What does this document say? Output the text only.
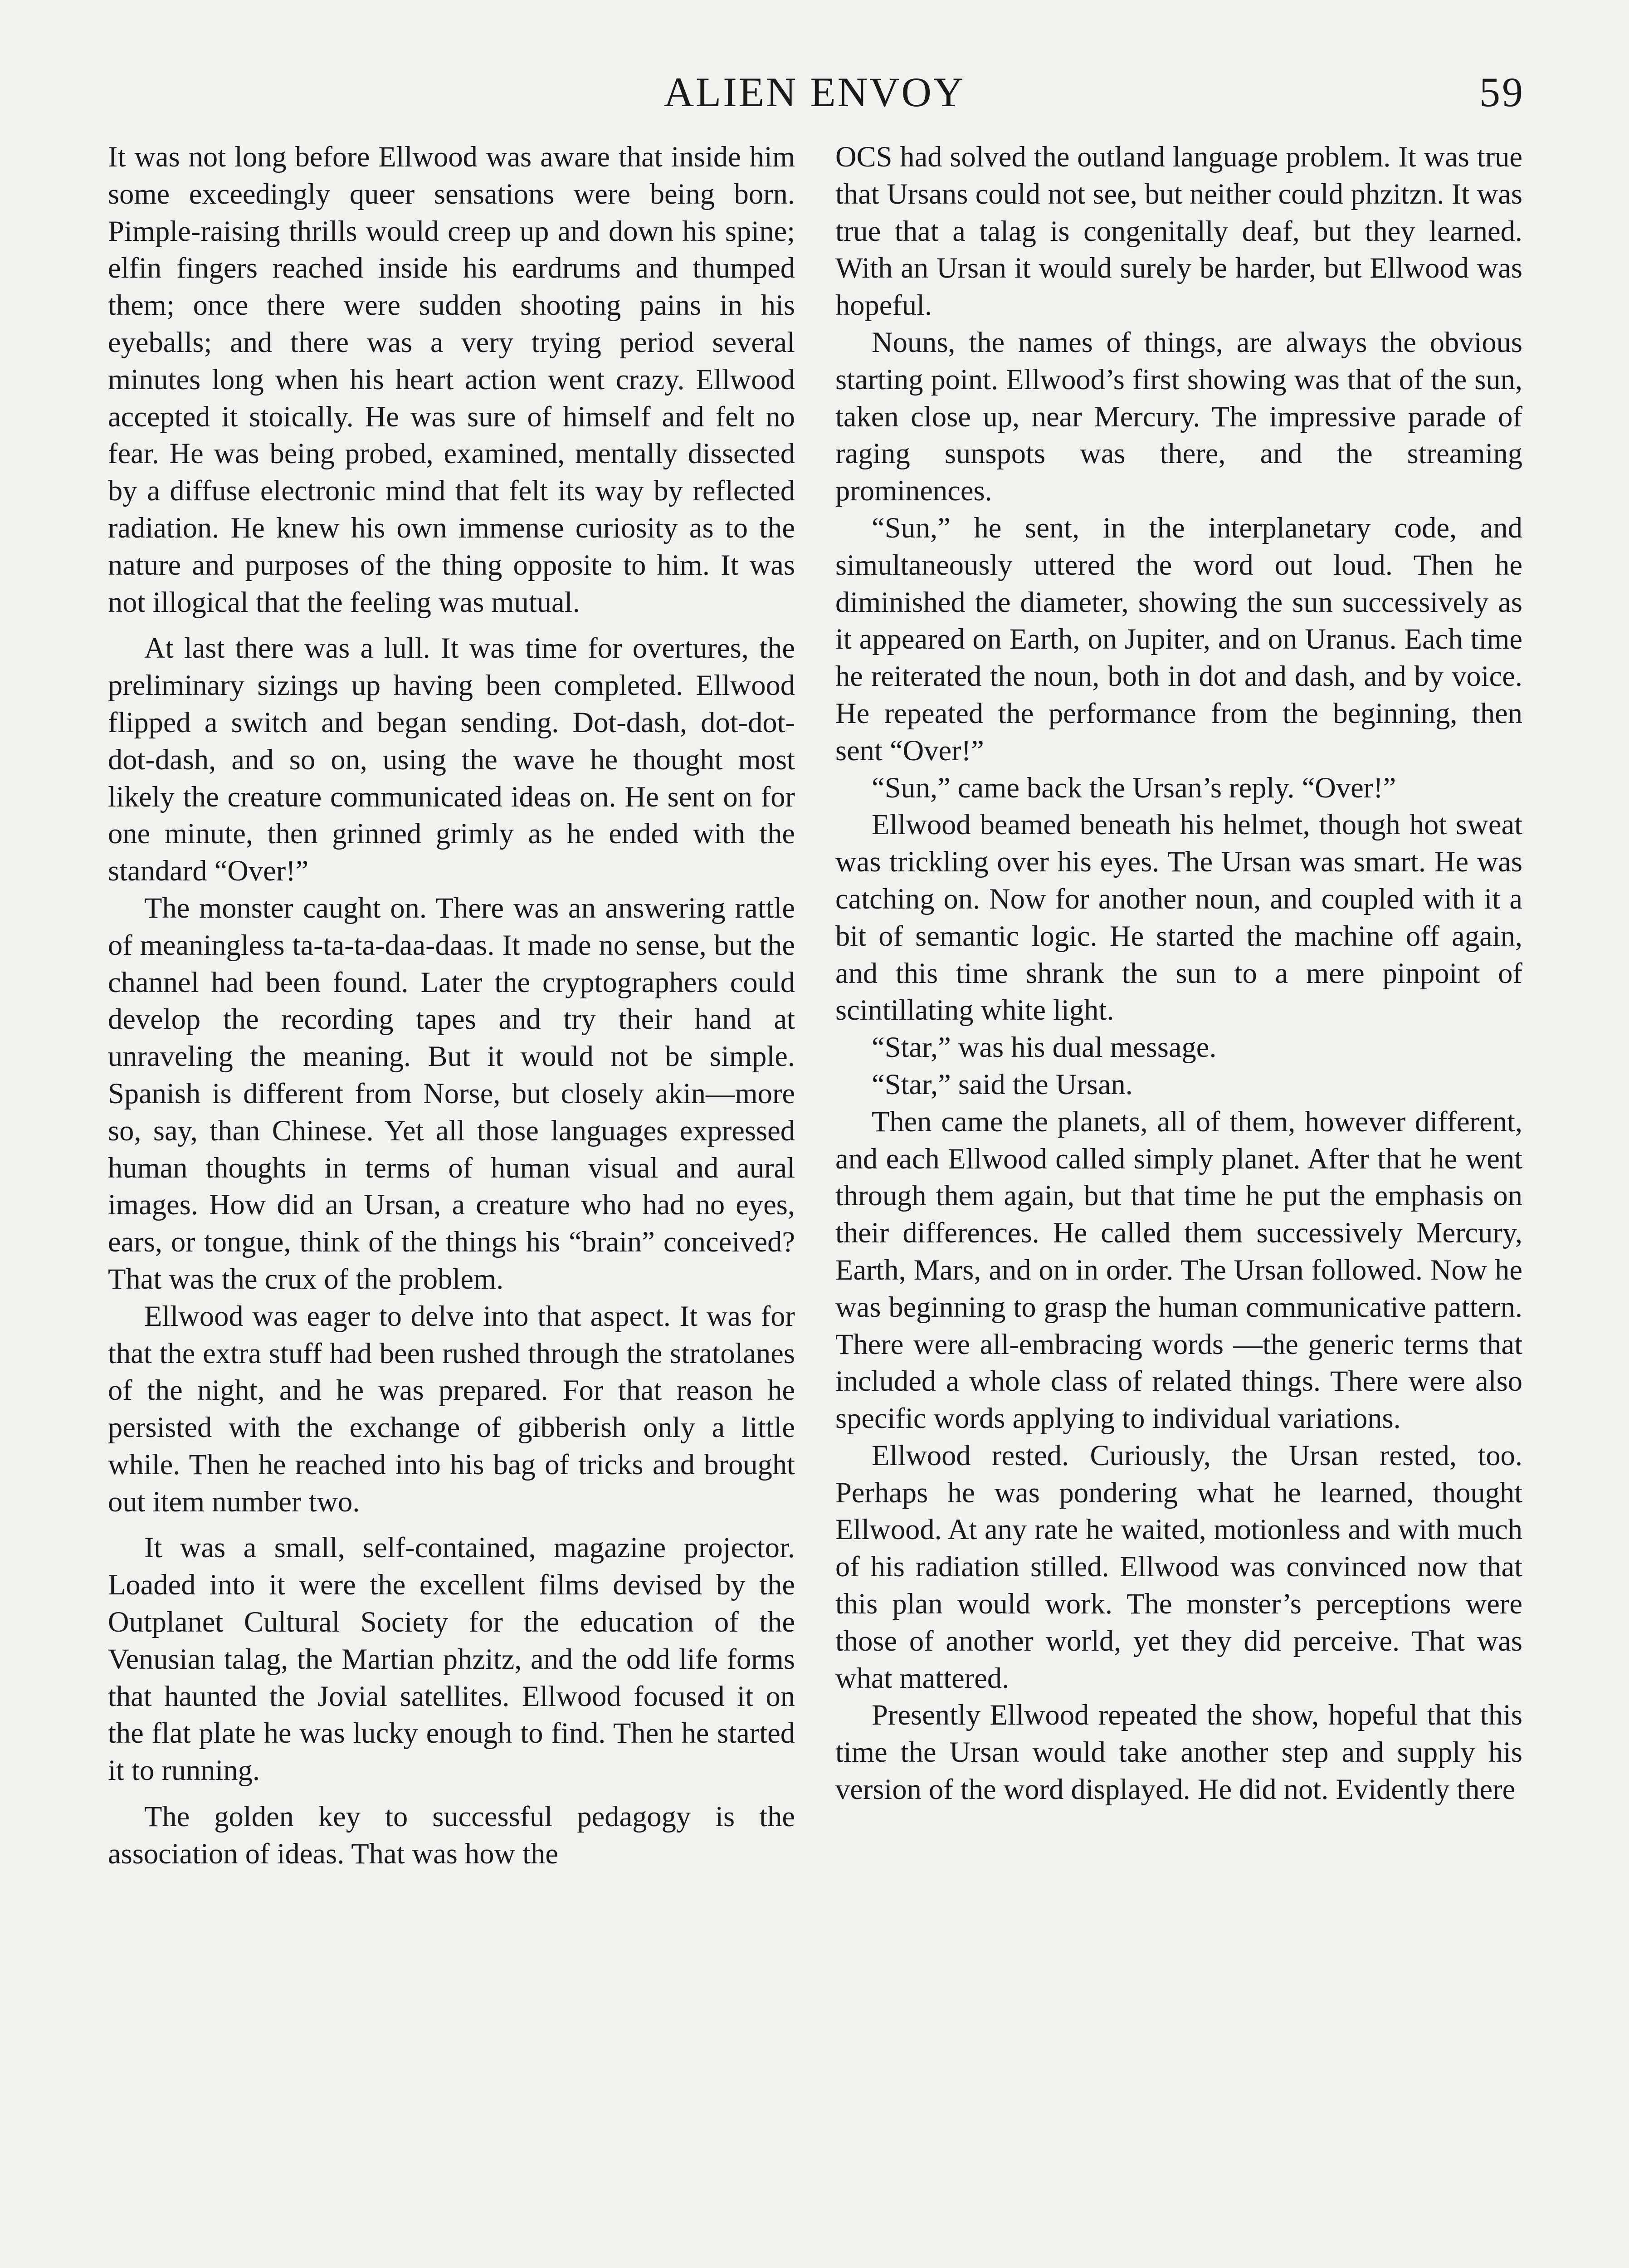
ALIEN ENVOY	59

It was not long before Ellwood was aware that inside him some exceedingly queer sensations were being born. Pimple-raising thrills would creep up and down his spine; elfin fingers reached inside his eardrums and thumped them; once there were sudden shooting pains in his eyeballs; and there was a very trying period several minutes long when his heart action went crazy. Ellwood accepted it stoically. He was sure of himself and felt no fear. He was being probed, examined, mentally dissected by a diffuse electronic mind that felt its way by reflected radiation. He knew his own immense curiosity as to the nature and purposes of the thing opposite to him. It was not illogical that the feeling was mutual.

At last there was a lull. It was time for overtures, the preliminary sizings up having been completed. Ellwood flipped a switch and began sending. Dot-dash, dot-dot-dot-dash, and so on, using the wave he thought most likely the creature communicated ideas on. He sent on for one minute, then grinned grimly as he ended with the standard “Over!”

The monster caught on. There was an answering rattle of meaningless ta-ta-ta-daa-daas. It made no sense, but the channel had been found. Later the cryptographers could develop the recording tapes and try their hand at unraveling the meaning. But it would not be simple. Spanish is different from Norse, but closely akin—more so, say, than Chinese. Yet all those languages expressed human thoughts in terms of human visual and aural images. How did an Ursan, a creature who had no eyes, ears, or tongue, think of the things his “brain” conceived? That was the crux of the problem.

Ellwood was eager to delve into that aspect. It was for that the extra stuff had been rushed through the stratolanes of the night, and he was prepared. For that reason he persisted with the exchange of gibberish only a little while. Then he reached into his bag of tricks and brought out item number two.

It was a small, self-contained, magazine projector. Loaded into it were the excellent films devised by the Outplanet Cultural Society for the education of the Venusian talag, the Martian phzitz, and the odd life forms that haunted the Jovial satellites. Ellwood focused it on the flat plate he was lucky enough to find. Then he started it to running.

The golden key to successful pedagogy is the association of ideas. That was how the

OCS had solved the outland language problem. It was true that Ursans could not see, but neither could phzitzn. It was true that a talag is congenitally deaf, but they learned. With an Ursan it would surely be harder, but Ellwood was hopeful.

Nouns, the names of things, are always the obvious starting point. Ellwood’s first showing was that of the sun, taken close up, near Mercury. The impressive parade of raging sunspots was there, and the streaming prominences.

“Sun,” he sent, in the interplanetary code, and simultaneously uttered the word out loud. Then he diminished the diameter, showing the sun successively as it appeared on Earth, on Jupiter, and on Uranus. Each time he reiterated the noun, both in dot and dash, and by voice. He repeated the performance from the beginning, then sent “Over!”

“Sun,” came back the Ursan’s reply. “Over!”

Ellwood beamed beneath his helmet, though hot sweat was trickling over his eyes. The Ursan was smart. He was catching on. Now for another noun, and coupled with it a bit of semantic logic. He started the machine off again, and this time shrank the sun to a mere pinpoint of scintillating white light.

“Star,” was his dual message.

“Star,” said the Ursan.

Then came the planets, all of them, however different, and each Ellwood called simply planet. After that he went through them again, but that time he put the emphasis on their differences. He called them successively Mercury, Earth, Mars, and on in order. The Ursan followed. Now he was beginning to grasp the human communicative pattern. There were all-embracing words —the generic terms that included a whole class of related things. There were also specific words applying to individual variations.

Ellwood rested. Curiously, the Ursan rested, too. Perhaps he was pondering what he learned, thought Ellwood. At any rate he waited, motionless and with much of his radiation stilled. Ellwood was convinced now that this plan would work. The monster’s perceptions were those of another world, yet they did perceive. That was what mattered.

Presently Ellwood repeated the show, hopeful that this time the Ursan would take another step and supply his version of the word displayed. He did not. Evidently there
